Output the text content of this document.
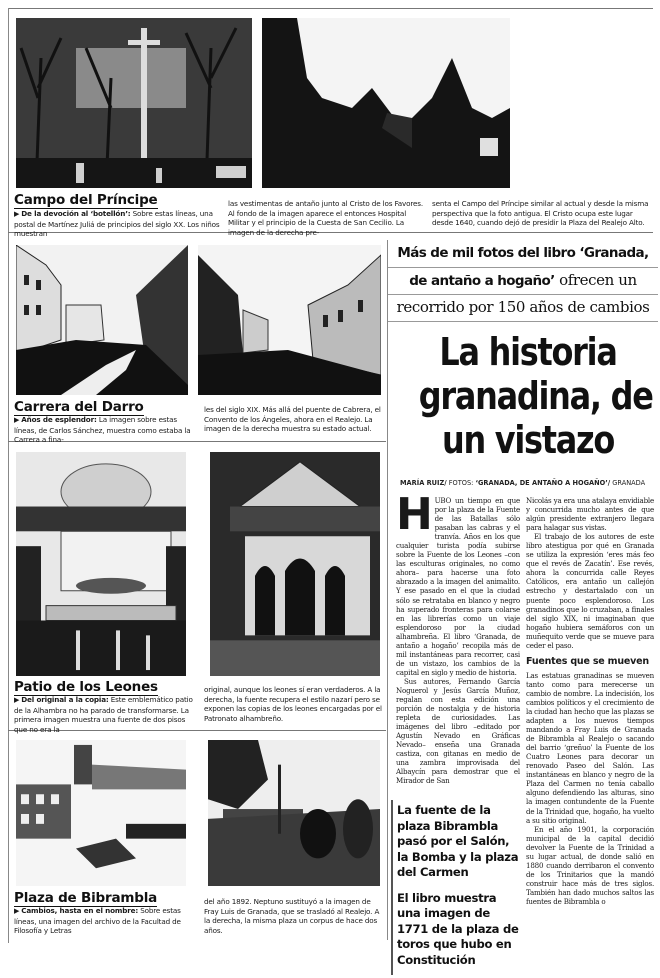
Campo del Príncipe
▶ De la devoción al ‘botellón’: Sobre estas líneas, una postal de Martínez Juliá de principios del siglo XX. Los niños muestran
las vestimentas de antaño junto al Cristo de los Favores. Al fondo de la imagen aparece el entonces Hospital Militar y el principio de la Cuesta de San Cecilio. La imagen de la derecha pre-
senta el Campo del Príncipe similar al actual y desde la misma perspectiva que la foto antigua. El Cristo ocupa este lugar desde 1640, cuando dejó de presidir la Plaza del Realejo Alto.
Carrera del Darro
▶ Años de esplendor: La imagen sobre estas líneas, de Carlos Sánchez, muestra como estaba la Carrera a fina-
les del siglo XIX. Más allá del puente de Cabrera, el Convento de los Ángeles, ahora en el Realejo. La imagen de la derecha muestra su estado actual.
Patio de los Leones
▶ Del original a la copia: Este emblemático patio de la Alhambra no ha parado de transformarse. La primera imagen muestra una fuente de dos pisos que no era la
original, aunque los leones sí eran verdaderos. A la derecha, la fuente recupera el estilo nazarí pero se exponen las copias de los leones encargadas por el Patronato alhambreño.
Plaza de Bibrambla
▶ Cambios, hasta en el nombre: Sobre estas líneas, una imagen del archivo de la Facultad de Filosofía y Letras
del año 1892. Neptuno sustituyó a la imagen de Fray Luis de Granada, que se trasladó al Realejo. A la derecha, la misma plaza un corpus de hace dos años.
Más de mil fotos del libro ‘Granada,
de antaño a hogaño’ ofrecen un
recorrido por 150 años de cambios
La historia
granadina, de
un vistazo
MARÍA RUIZ/ FOTOS: ‘GRANADA, DE ANTAÑO A HOGAÑO’/ GRANADA

HUBO un tiempo en que por la plaza de la Fuente de las Batallas sólo pasaban las cabras y el tranvía. Años en los que cualquier turista podía subirse sobre la Fuente de los Leones –con las esculturas originales, no como ahora– para hacerse una foto abrazado a la imagen del animalito. Y ese pasado en el que la ciudad sólo se retrataba en blanco y negro ha superado fronteras para colarse en las librerías como un viaje esplendoroso por la ciudad alhambreña. El libro ‘Granada, de antaño a hogaño’ recopila más de mil instantáneas para recorrer, casi de un vistazo, los cambios de la capital en siglo y medio de historia.

Sus autores, Fernando García Noguerol y Jesús García Muñoz, regalan con esta edición una porción de nostalgia y de historia repleta de curiosidades. Las imágenes del libro –editado por Agustín Nevado en Gráficas Nevado– enseña una Granada castiza, con gitanas en medio de una zambra improvisada del Albaycín para demostrar que el Mirador de San

La fuente de la plaza Bibrambla pasó por el Salón, la Bomba y la plaza del Carmen

El libro muestra una imagen de 1771 de la plaza de toros que hubo en Constitución

Nicolás ya era una atalaya envidiable y concurrida mucho antes de que algún presidente extranjero llegara para halagar sus vistas.

El trabajo de los autores de este libro atestigua por qué en Granada se utiliza la expresión ‘eres más feo que el revés de Zacatín’. Ese revés, ahora la concurrida calle Reyes Católicos, era antaño un callejón estrecho y destartalado con un puente poco esplendoroso. Los granadinos que lo cruzaban, a finales del siglo XIX, ni imaginaban que hogaño hubiera semáforos con un muñequito verde que se mueve para ceder el paso.

Fuentes que se mueven

Las estatuas granadinas se mueven tanto como para merecerse un cambio de nombre. La indecisión, los cambios políticos y el crecimiento de la ciudad han hecho que las plazas se adapten a los nuevos tiempos mandando a Fray Luis de Granada de Bibrambla al Realejo o sacando del barrio ‘greñuo’ la Fuente de los Cuatro Leones para decorar un renovado Paseo del Salón. Las instantáneas en blanco y negro de la Plaza del Carmen no tenía caballo alguno defendiendo las alturas, sino la imagen contundente de la Fuente de la Trinidad que, hogaño, ha vuelto a su sitio original.

En el año 1901, la corporación municipal de la capital decidió devolver la Fuente de la Trinidad a su lugar actual, de donde salió en 1880 cuando derribaron el convento de los Trinitarios que la mandó construir hace más de tres siglos. También han dado muchos saltos las fuentes de Bibrambla o
